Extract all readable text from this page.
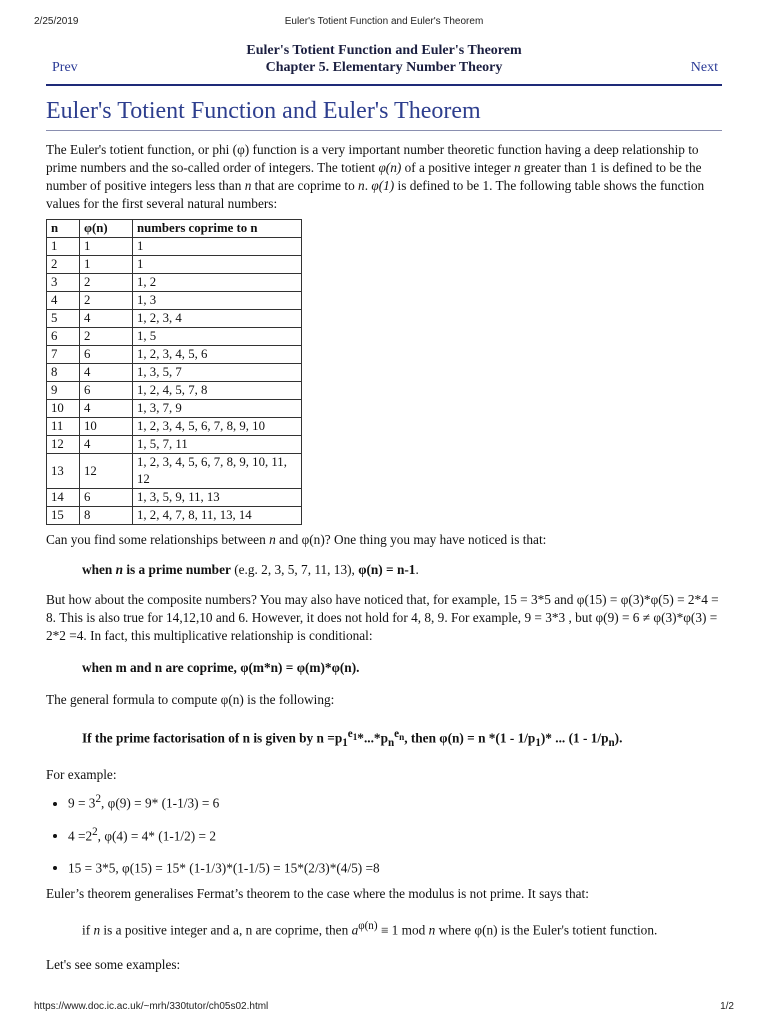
2/25/2019	Euler's Totient Function and Euler's Theorem
Prev
Euler's Totient Function and Euler's Theorem
Chapter 5. Elementary Number Theory	Next
Euler's Totient Function and Euler's Theorem

The Euler's totient function, or phi (φ) function is a very important number theoretic function having a deep relationship to prime numbers and the so-called order of integers. The totient φ(n) of a positive integer n greater than 1 is defined to be the number of positive integers less than n that are coprime to n. φ(1) is defined to be 1. The following table shows the function values for the first several natural numbers:

n	φ(n)	numbers coprime to n
1	1	1
2	1	1
3	2	1, 2
4	2	1, 3
5	4	1, 2, 3, 4
6	2	1, 5
7	6	1, 2, 3, 4, 5, 6
8	4	1, 3, 5, 7
9	6	1, 2, 4, 5, 7, 8
10	4	1, 3, 7, 9
11	10	1, 2, 3, 4, 5, 6, 7, 8, 9, 10
12	4	1, 5, 7, 11
13	12	1, 2, 3, 4, 5, 6, 7, 8, 9, 10, 11, 12
14	6	1, 3, 5, 9, 11, 13
15	8	1, 2, 4, 7, 8, 11, 13, 14

Can you find some relationships between n and φ(n)? One thing you may have noticed is that:

when n is a prime number (e.g. 2, 3, 5, 7, 11, 13), φ(n) = n-1.

But how about the composite numbers? You may also have noticed that, for example, 15 = 3*5 and φ(15) = φ(3)*φ(5) = 2*4 = 8. This is also true for 14,12,10 and 6. However, it does not hold for 4, 8, 9. For example, 9 = 3*3 , but φ(9) = 6 ≠ φ(3)*φ(3) = 2*2 =4. In fact, this multiplicative relationship is conditional:

when m and n are coprime, φ(m*n) = φ(m)*φ(n).

The general formula to compute φ(n) is the following:

If the prime factorisation of n is given by $n =p_1^{e_1}*...*p_n^{e_n}$, then φ(n) = n $*(1 - 1/p_1)*$ ... $(1 - 1/p_n)$.

For example:

• $9 = 3^2$, φ(9) = 9* (1-1/3) = 6
• $4 =2^2$, φ(4) = 4* (1-1/2) = 2
• 15 = 3*5, φ(15) = 15* (1-1/3)*(1-1/5) = 15*(2/3)*(4/5) =8

Euler’s theorem generalises Fermat’s theorem to the case where the modulus is not prime. It says that:

if n is a positive integer and a, n are coprime, then $a^{\varphi(n)} \equiv 1$ mod n where φ(n) is the Euler's totient function.

Let's see some examples:

https://www.doc.ic.ac.uk/~mrh/330tutor/ch05s02.html	1/2
